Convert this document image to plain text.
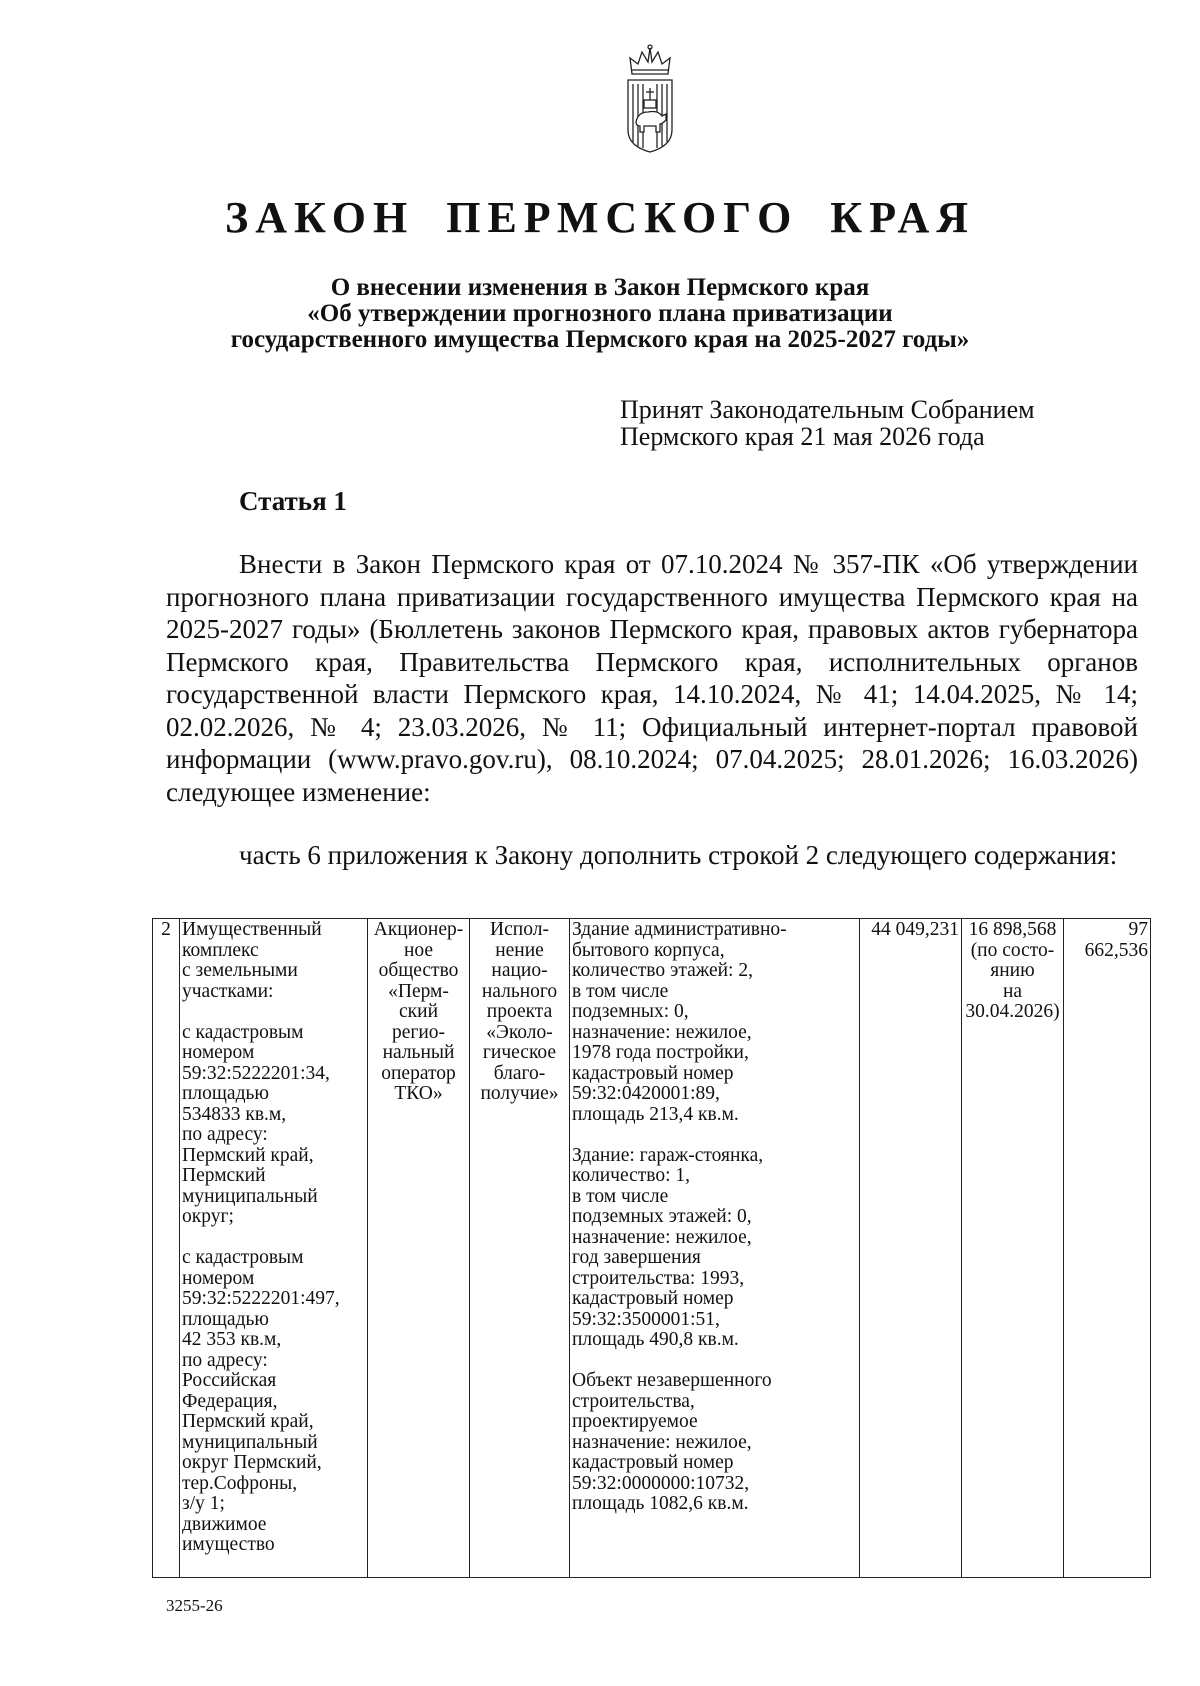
ЗАКОН ПЕРМСКОГО КРАЯ
О внесении изменения в Закон Пермского края
«Об утверждении прогнозного плана приватизации
государственного имущества Пермского края на 2025-2027 годы»
Принят Законодательным Собранием
Пермского края 21 мая 2026 года
Статья 1

Внести в Закон Пермского края от 07.10.2024 № 357-ПК «Об утверждении прогнозного плана приватизации государственного имущества Пермского края на 2025-2027 годы» (Бюллетень законов Пермского края, правовых актов губернатора Пермского края, Правительства Пермского края, исполнительных органов государственной власти Пермского края, 14.10.2024, № 41; 14.04.2025, № 14; 02.02.2026, № 4; 23.03.2026, № 11; Официальный интернет-портал правовой информации (www.pravo.gov.ru), 08.10.2024; 07.04.2025; 28.01.2026; 16.03.2026) следующее изменение:

часть 6 приложения к Закону дополнить строкой 2 следующего содержания:

2	Имущественный
комплекс
с земельными
участками:

с кадастровым
номером
59:32:5222201:34,
площадью
534833 кв.м,
по адресу:
Пермский край,
Пермский
муниципальный
округ;

с кадастровым
номером
59:32:5222201:497,
площадью
42 353 кв.м,
по адресу:
Российская
Федерация,
Пермский край,
муниципальный
округ Пермский,
тер.Софроны,
з/у 1;
движимое
имущество	Акционер-
ное
общество
«Перм-
ский
регио-
нальный
оператор
ТКО»	Испол-
нение
нацио-
нального
проекта
«Эколо-
гическое
благо-
получие»	Здание административно-
бытового корпуса,
количество этажей: 2,
в том числе
подземных: 0,
назначение: нежилое,
1978 года постройки,
кадастровый номер
59:32:0420001:89,
площадь 213,4 кв.м.

Здание: гараж-стоянка,
количество: 1,
в том числе
подземных этажей: 0,
назначение: нежилое,
год завершения
строительства: 1993,
кадастровый номер
59:32:3500001:51,
площадь 490,8 кв.м.

Объект незавершенного
строительства,
проектируемое
назначение: нежилое,
кадастровый номер
59:32:0000000:10732,
площадь 1082,6 кв.м.	44 049,231	16 898,568
(по состо-
янию
на
30.04.2026)	97 662,536
3255-26
